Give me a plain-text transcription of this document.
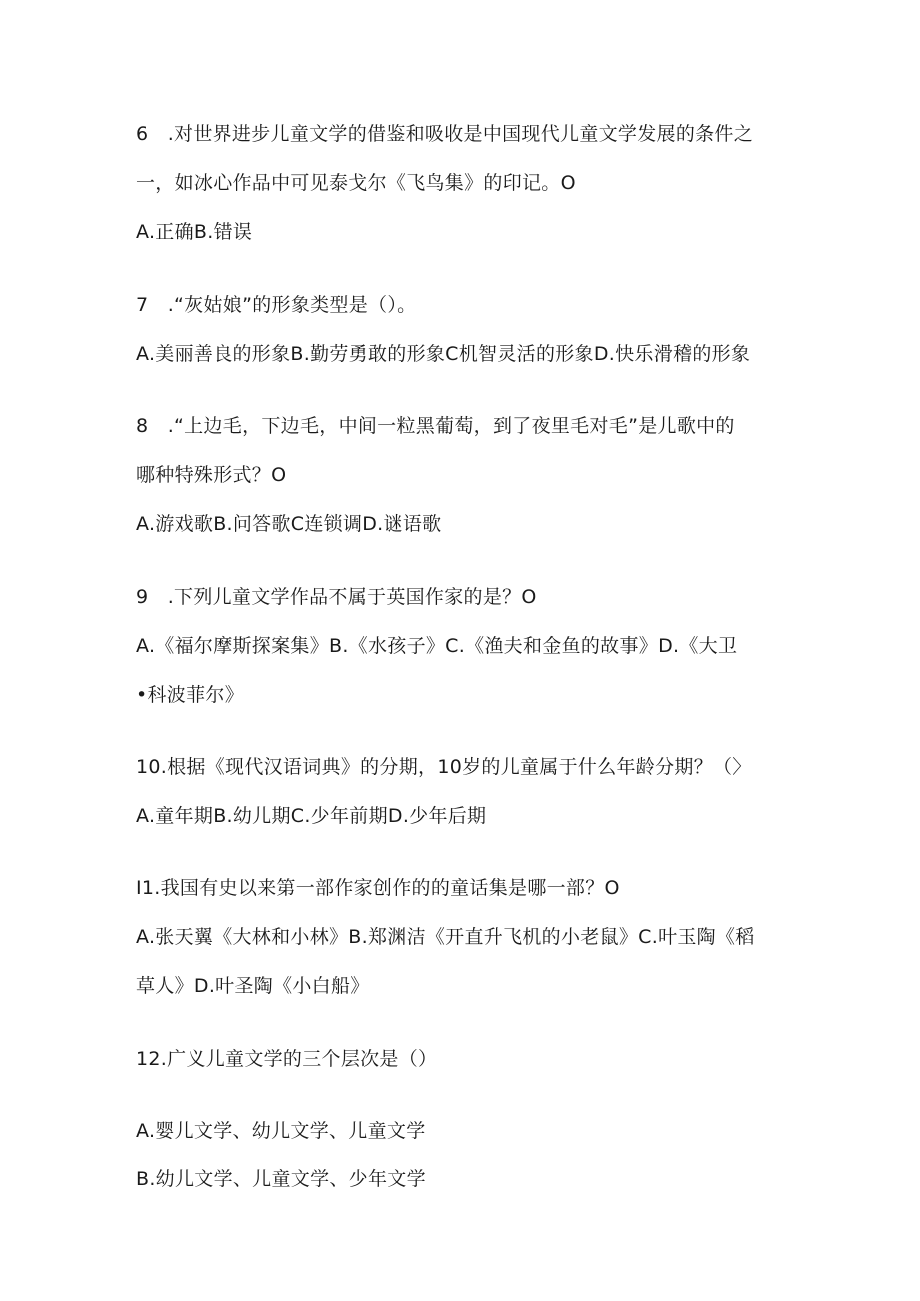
6　.对世界进步儿童文学的借鉴和吸收是中国现代儿童文学发展的条件之
一，如冰心作品中可见泰戈尔《飞鸟集》的印记。O
A.正确B.错误
7　.“灰姑娘”的形象类型是（）。
A.美丽善良的形象B.勤劳勇敢的形象C机智灵活的形象D.快乐滑稽的形象
8　.“上边毛，下边毛，中间一粒黑葡萄，到了夜里毛对毛”是儿歌中的
哪种特殊形式？O
A.游戏歌B.问答歌C连锁调D.谜语歌
9　.下列儿童文学作品不属于英国作家的是？O
A.《福尔摩斯探案集》B.《水孩子》C.《渔夫和金鱼的故事》D.《大卫
•科波菲尔》
10.根据《现代汉语词典》的分期，10岁的儿童属于什么年龄分期？（〉
A.童年期B.幼儿期C.少年前期D.少年后期
I1.我国有史以来第一部作家创作的的童话集是哪一部？O
A.张天翼《大林和小林》B.郑渊洁《开直升飞机的小老鼠》C.叶玉陶《稻
草人》D.叶圣陶《小白船》
12.广义儿童文学的三个层次是（）
A.婴儿文学、幼儿文学、儿童文学
B.幼儿文学、儿童文学、少年文学
